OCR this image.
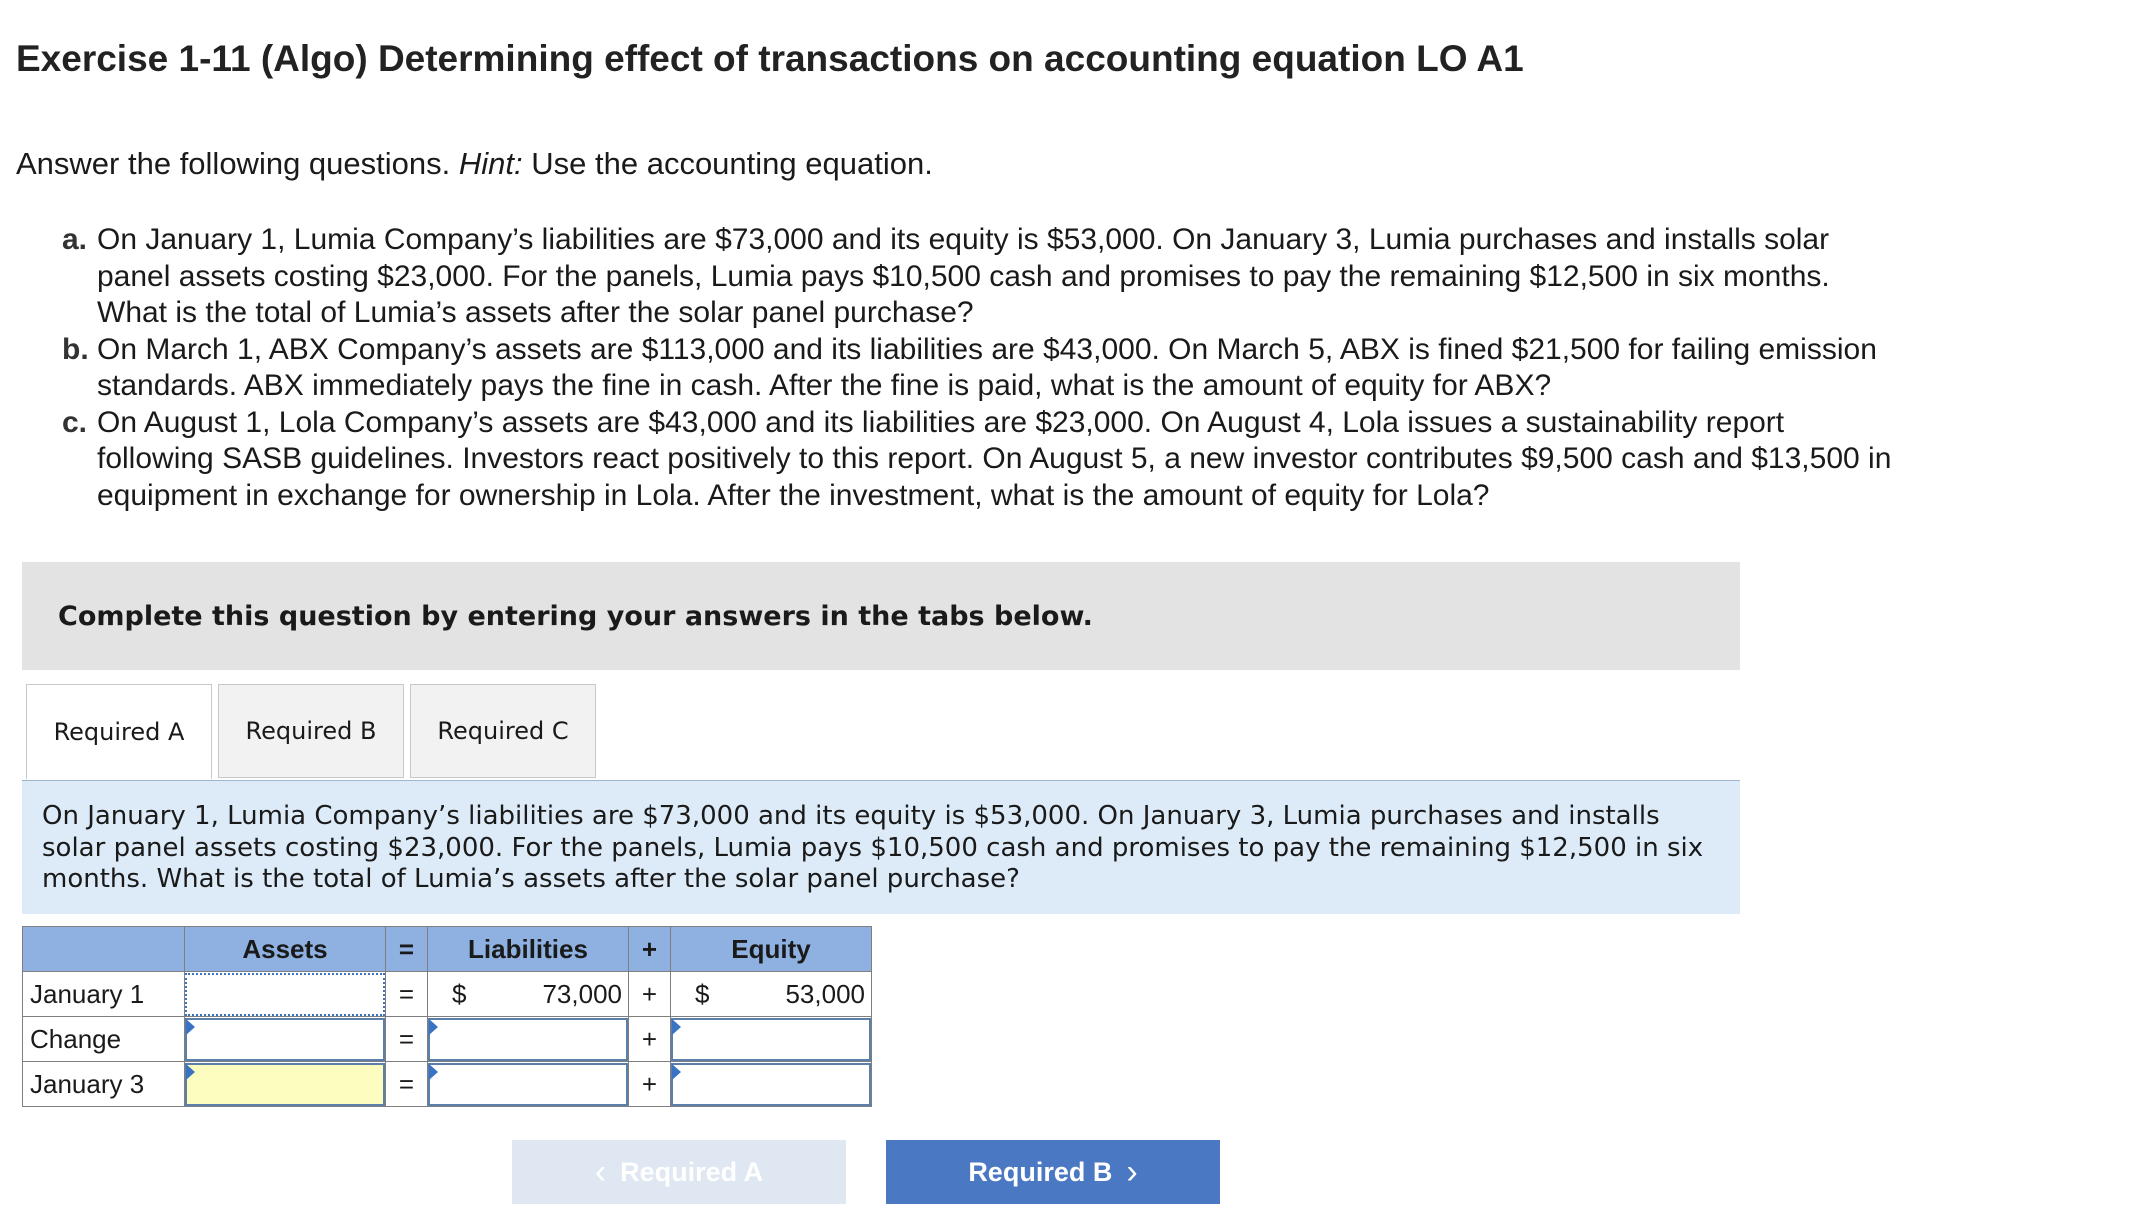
Exercise 1-11 (Algo) Determining effect of transactions on accounting equation LO A1

Answer the following questions. Hint: Use the accounting equation.

a. On January 1, Lumia Company’s liabilities are $73,000 and its equity is $53,000. On January 3, Lumia purchases and installs solar panel assets costing $23,000. For the panels, Lumia pays $10,500 cash and promises to pay the remaining $12,500 in six months. What is the total of Lumia’s assets after the solar panel purchase?
b. On March 1, ABX Company’s assets are $113,000 and its liabilities are $43,000. On March 5, ABX is fined $21,500 for failing emission standards. ABX immediately pays the fine in cash. After the fine is paid, what is the amount of equity for ABX?
c. On August 1, Lola Company’s assets are $43,000 and its liabilities are $23,000. On August 4, Lola issues a sustainability report following SASB guidelines. Investors react positively to this report. On August 5, a new investor contributes $9,500 cash and $13,500 in equipment in exchange for ownership in Lola. After the investment, what is the amount of equity for Lola?
Complete this question by entering your answers in the tabs below.
Required A	Required B	Required C
On January 1, Lumia Company’s liabilities are $73,000 and its equity is $53,000. On January 3, Lumia purchases and installs solar panel assets costing $23,000. For the panels, Lumia pays $10,500 cash and promises to pay the remaining $12,500 in six months. What is the total of Lumia’s assets after the solar panel purchase?
	Assets	=	Liabilities	+	Equity
January 1		=	$ 73,000	+	$ 53,000

Change		=		+	

January 3		=		+	
‹ Required A	Required B ›
